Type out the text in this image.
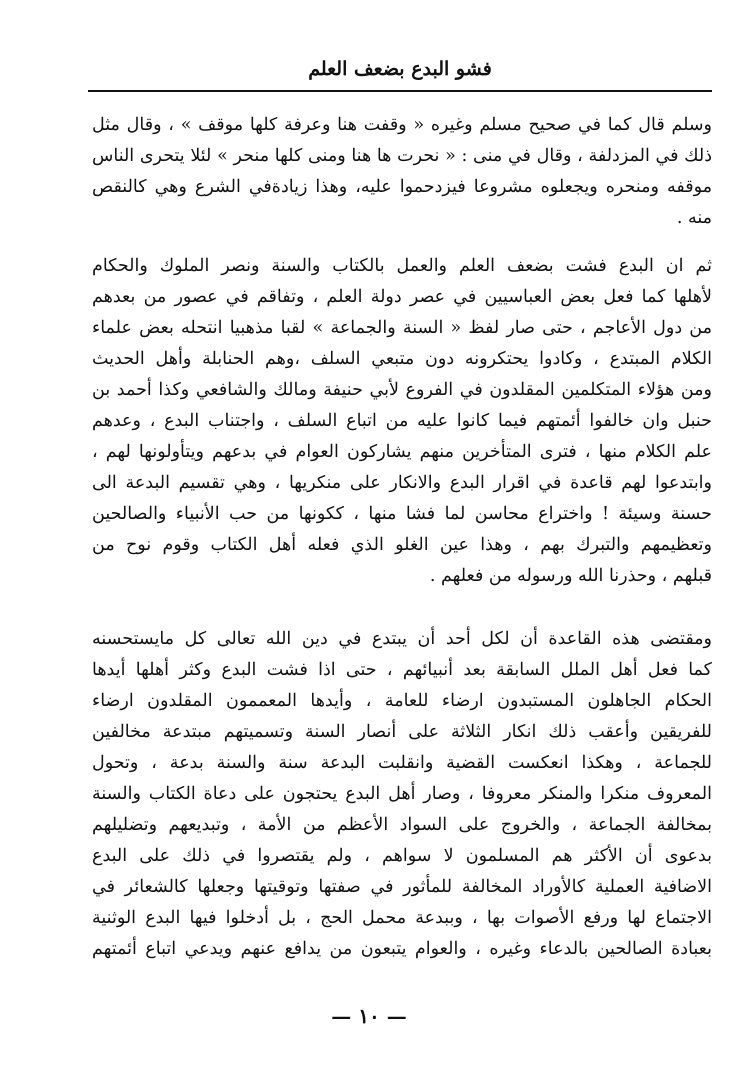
فشو البدع بضعف العلم
وسلم قال كما في صحيح مسلم وغيره « وقفت هنا وعرفة كلها موقف » ، وقال مثل
ذلك في المزدلفة ، وقال في منى : « نحرت ها هنا ومنى كلها منحر » لئلا يتحرى الناس
موقفه ومنحره ويجعلوه مشروعا فيزدحموا عليه، وهذا زيادةفي الشرع وهي كالنقص
منه .
ثم ان البدع فشت بضعف العلم والعمل بالكتاب والسنة ونصر الملوك والحكام
لأهلها كما فعل بعض العباسيين في عصر دولة العلم ، وتفاقم في عصور من بعدهم
من دول الأعاجم ، حتى صار لفظ « السنة والجماعة » لقبا مذهبيا انتحله بعض علماء
الكلام المبتدع ، وكادوا يحتكرونه دون متبعي السلف ،وهم الحنابلة وأهل الحديث
ومن هؤلاء المتكلمين المقلدون في الفروع لأبي حنيفة ومالك والشافعي وكذا أحمد بن
حنبل وان خالفوا أئمتهم فيما كانوا عليه من اتباع السلف ، واجتناب البدع ، وعدهم
علم الكلام منها ، فترى المتأخرين منهم يشاركون العوام في بدعهم ويتأولونها لهم ،
وابتدعوا لهم قاعدة في اقرار البدع والانكار على منكريها ، وهي تقسيم البدعة الى
حسنة وسيئة ! واختراع محاسن لما فشا منها ، ككونها من حب الأنبياء والصالحين
وتعظيمهم والتبرك بهم ، وهذا عين الغلو الذي فعله أهل الكتاب وقوم نوح من
قبلهم ، وحذرنا الله ورسوله من فعلهم .
ومقتضى هذه القاعدة أن لكل أحد أن يبتدع في دين الله تعالى كل مايستحسنه
كما فعل أهل الملل السابقة بعد أنبيائهم ، حتى اذا فشت البدع وكثر أهلها أيدها
الحكام الجاهلون المستبدون ارضاء للعامة ، وأيدها المعممون المقلدون ارضاء
للفريقين وأعقب ذلك انكار الثلاثة على أنصار السنة وتسميتهم مبتدعة مخالفين
للجماعة ، وهكذا انعكست القضية وانقلبت البدعة سنة والسنة بدعة ، وتحول
المعروف منكرا والمنكر معروفا ، وصار أهل البدع يحتجون على دعاة الكتاب والسنة
بمخالفة الجماعة ، والخروج على السواد الأعظم من الأمة ، وتبديعهم وتضليلهم
بدعوى أن الأكثر هم المسلمون لا سواهم ، ولم يقتصروا في ذلك على البدع
الاضافية العملية كالأوراد المخالفة للمأثور في صفتها وتوقيتها وجعلها كالشعائر في
الاجتماع لها ورفع الأصوات بها ، وببدعة محمل الحج ، بل أدخلوا فيها البدع الوثنية
بعبادة الصالحين بالدعاء وغيره ، والعوام يتبعون من يدافع عنهم ويدعي اتباع أئمتهم
— ١٠ —
